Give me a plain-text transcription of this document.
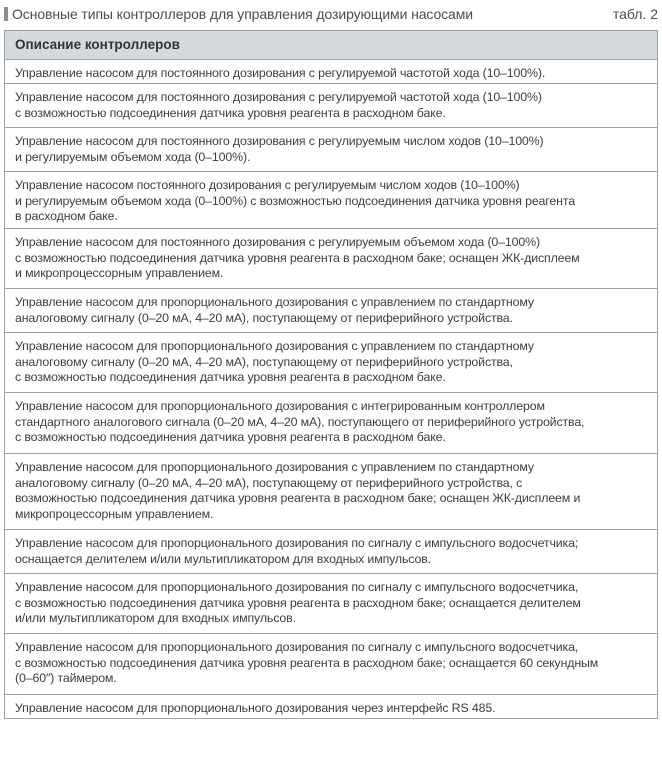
Основные типы контроллеров для управления дозирующими насосами	табл. 2
Описание контроллеров
Управление насосом для постоянного дозирования с регулируемой частотой хода (10–100%).
Управление насосом для постоянного дозирования с регулируемой частотой хода (10–100%)
с возможностью подсоединения датчика уровня реагента в расходном баке.
Управление насосом для постоянного дозирования с регулируемым числом ходов (10–100%)
и регулируемым объемом хода (0–100%).
Управление насосом постоянного дозирования с регулируемым числом ходов (10–100%)
и регулируемым объемом хода (0–100%) с возможностью подсоединения датчика уровня реагента
в расходном баке.
Управление насосом для постоянного дозирования с регулируемым объемом хода (0–100%)
с возможностью подсоединения датчика уровня реагента в расходном баке; оснащен ЖК-дисплеем
и микропроцессорным управлением.
Управление насосом для пропорционального дозирования с управлением по стандартному
аналоговому сигналу (0–20 мА, 4–20 мА), поступающему от периферийного устройства.
Управление насосом для пропорционального дозирования с управлением по стандартному
аналоговому сигналу (0–20 мА, 4–20 мА), поступающему от периферийного устройства,
с возможностью подсоединения датчика уровня реагента в расходном баке.
Управление насосом для пропорционального дозирования с интегрированным контроллером
стандартного аналогового сигнала (0–20 мА, 4–20 мА), поступающего от периферийного устройства,
с возможностью подсоединения датчика уровня реагента в расходном баке.
Управление насосом для пропорционального дозирования с управлением по стандартному
аналоговому сигналу (0–20 мА, 4–20 мА), поступающему от периферийного устройства, с
возможностью подсоединения датчика уровня реагента в расходном баке; оснащен ЖК-дисплеем и
микропроцессорным управлением.
Управление насосом для пропорционального дозирования по сигналу с импульсного водосчетчика;
оснащается делителем и/или мультипликатором для входных импульсов.
Управление насосом для пропорционального дозирования по сигналу с импульсного водосчетчика,
с возможностью подсоединения датчика уровня реагента в расходном баке; оснащается делителем
и/или мультипликатором для входных импульсов.
Управление насосом для пропорционального дозирования по сигналу с импульсного водосчетчика,
с возможностью подсоединения датчика уровня реагента в расходном баке; оснащается 60 секундным
(0–60″) таймером.
Управление насосом для пропорционального дозирования через интерфейс RS 485.
